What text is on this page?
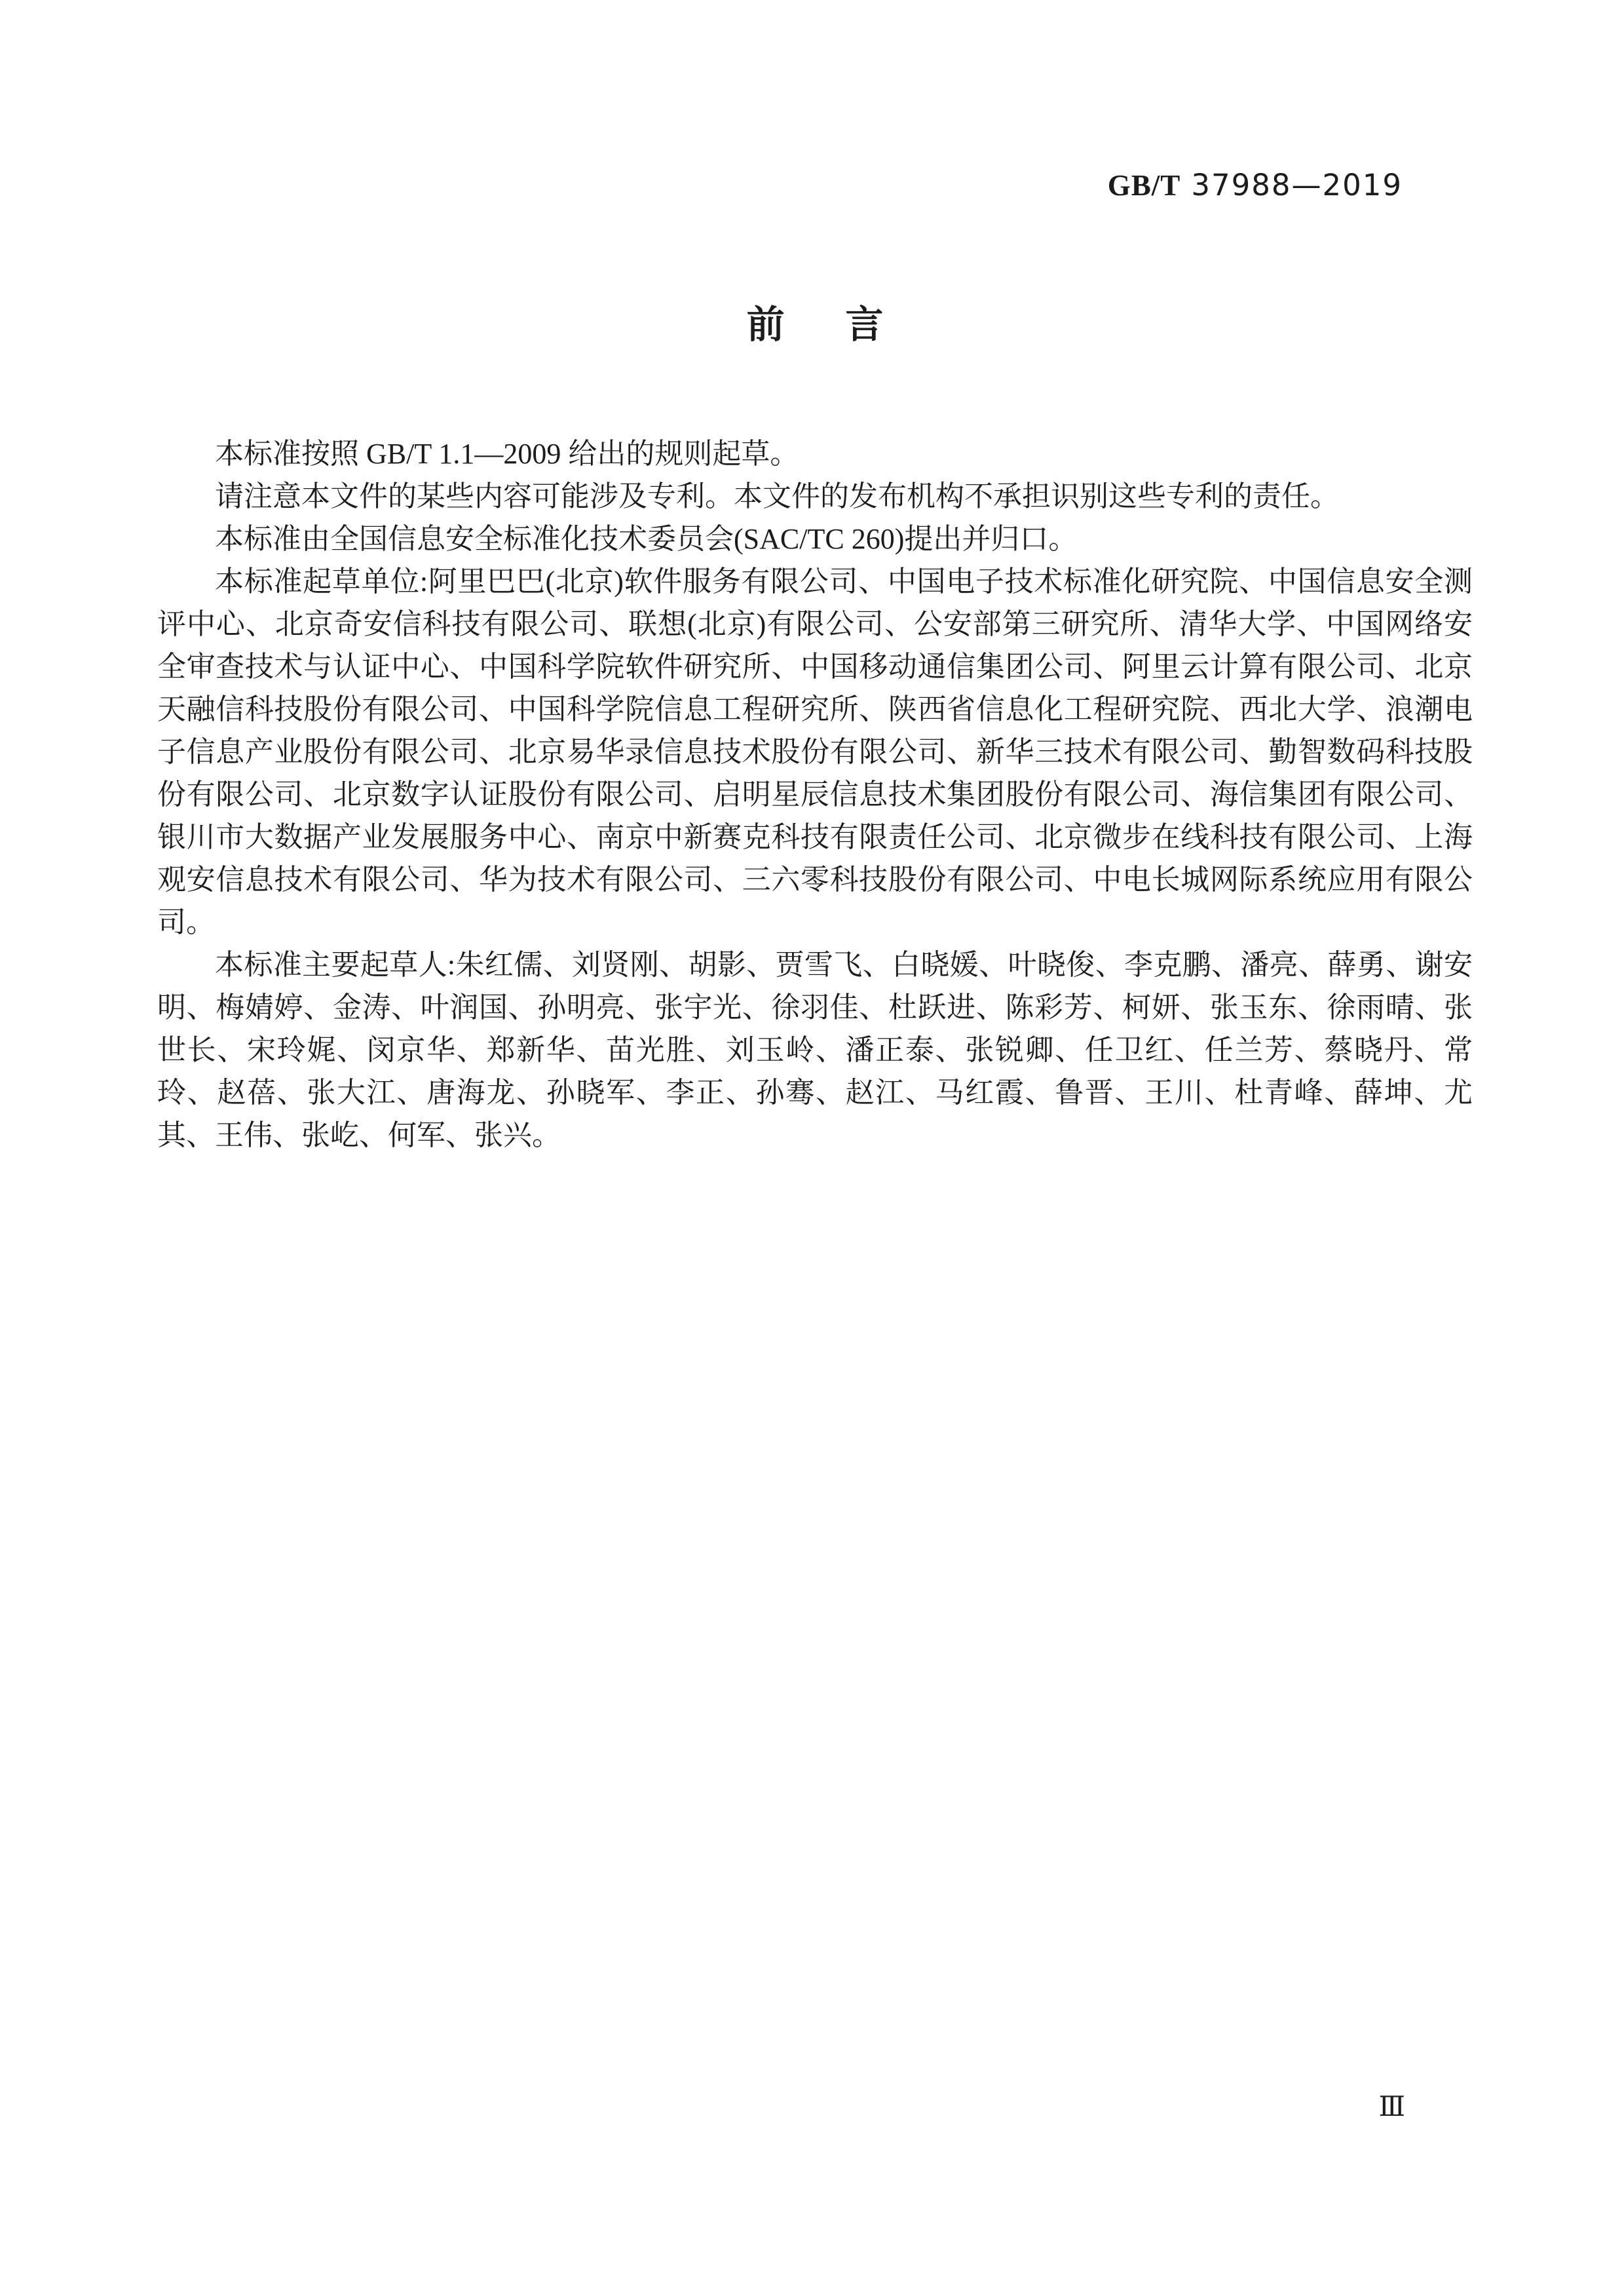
GB/T 37988—2019
前　言

本标准按照 GB/T 1.1—2009 给出的规则起草。

请注意本文件的某些内容可能涉及专利。本文件的发布机构不承担识别这些专利的责任。

本标准由全国信息安全标准化技术委员会(SAC/TC 260)提出并归口。

本标准起草单位:阿里巴巴(北京)软件服务有限公司、中国电子技术标准化研究院、中国信息安全测评中心、北京奇安信科技有限公司、联想(北京)有限公司、公安部第三研究所、清华大学、中国网络安全审查技术与认证中心、中国科学院软件研究所、中国移动通信集团公司、阿里云计算有限公司、北京天融信科技股份有限公司、中国科学院信息工程研究所、陕西省信息化工程研究院、西北大学、浪潮电子信息产业股份有限公司、北京易华录信息技术股份有限公司、新华三技术有限公司、勤智数码科技股份有限公司、北京数字认证股份有限公司、启明星辰信息技术集团股份有限公司、海信集团有限公司、银川市大数据产业发展服务中心、南京中新赛克科技有限责任公司、北京微步在线科技有限公司、上海观安信息技术有限公司、华为技术有限公司、三六零科技股份有限公司、中电长城网际系统应用有限公司。

本标准主要起草人:朱红儒、刘贤刚、胡影、贾雪飞、白晓媛、叶晓俊、李克鹏、潘亮、薛勇、谢安明、梅婧婷、金涛、叶润国、孙明亮、张宇光、徐羽佳、杜跃进、陈彩芳、柯妍、张玉东、徐雨晴、张世长、宋玲娓、闵京华、郑新华、苗光胜、刘玉岭、潘正泰、张锐卿、任卫红、任兰芳、蔡晓丹、常玲、赵蓓、张大江、唐海龙、孙晓军、李正、孙骞、赵江、马红霞、鲁晋、王川、杜青峰、薛坤、尤其、王伟、张屹、何军、张兴。

Ⅲ
